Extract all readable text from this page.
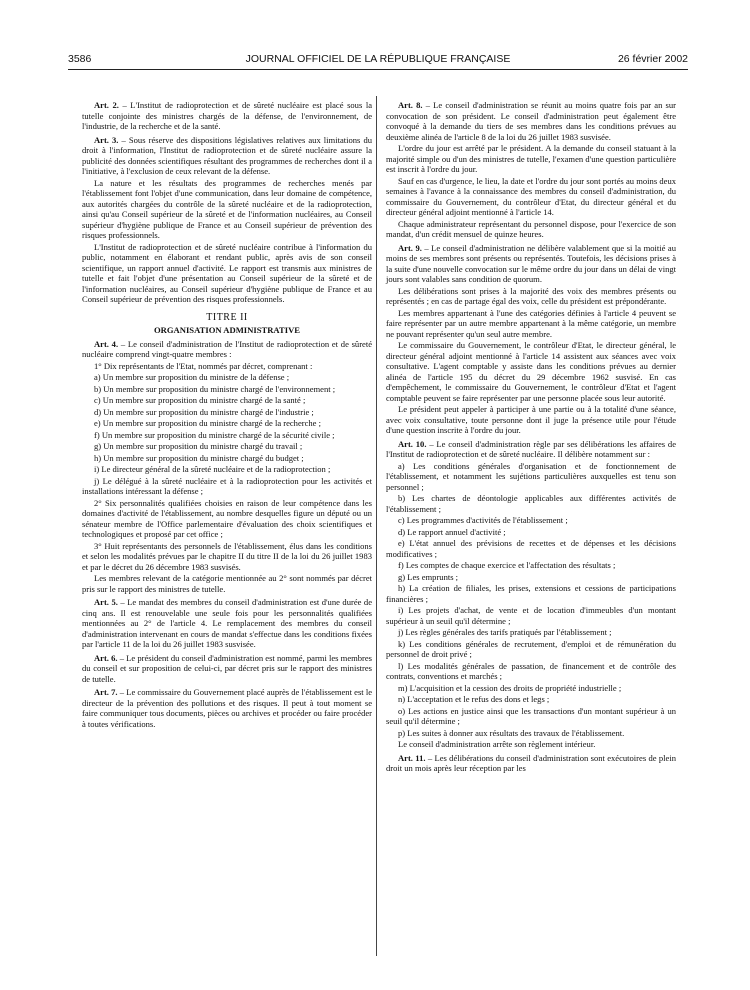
3586	JOURNAL OFFICIEL DE LA RÉPUBLIQUE FRANÇAISE	26 février 2002

Art. 2. – L'Institut de radioprotection et de sûreté nucléaire est placé sous la tutelle conjointe des ministres chargés de la défense, de l'environnement, de l'industrie, de la recherche et de la santé.

Art. 3. – Sous réserve des dispositions législatives relatives aux limitations du droit à l'information, l'Institut de radioprotection et de sûreté nucléaire assure la publicité des données scientifiques résultant des programmes de recherches dont il a l'initiative, à l'exclusion de ceux relevant de la défense.

La nature et les résultats des programmes de recherches menés par l'établissement font l'objet d'une communication, dans leur domaine de compétence, aux autorités chargées du contrôle de la sûreté nucléaire et de la radioprotection, ainsi qu'au Conseil supérieur de la sûreté et de l'information nucléaires, au Conseil supérieur d'hygiène publique de France et au Conseil supérieur de prévention des risques professionnels.

L'Institut de radioprotection et de sûreté nucléaire contribue à l'information du public, notamment en élaborant et rendant public, après avis de son conseil scientifique, un rapport annuel d'activité. Le rapport est transmis aux ministres de tutelle et fait l'objet d'une présentation au Conseil supérieur de la sûreté et de l'information nucléaires, au Conseil supérieur d'hygiène publique de France et au Conseil supérieur de prévention des risques professionnels.

TITRE II
ORGANISATION ADMINISTRATIVE

Art. 4. – Le conseil d'administration de l'Institut de radioprotection et de sûreté nucléaire comprend vingt-quatre membres :

1° Dix représentants de l'Etat, nommés par décret, comprenant :

a) Un membre sur proposition du ministre de la défense ;

b) Un membre sur proposition du ministre chargé de l'environnement ;

c) Un membre sur proposition du ministre chargé de la santé ;

d) Un membre sur proposition du ministre chargé de l'industrie ;

e) Un membre sur proposition du ministre chargé de la recherche ;

f) Un membre sur proposition du ministre chargé de la sécurité civile ;

g) Un membre sur proposition du ministre chargé du travail ;

h) Un membre sur proposition du ministre chargé du budget ;

i) Le directeur général de la sûreté nucléaire et de la radioprotection ;

j) Le délégué à la sûreté nucléaire et à la radioprotection pour les activités et installations intéressant la défense ;

2° Six personnalités qualifiées choisies en raison de leur compétence dans les domaines d'activité de l'établissement, au nombre desquelles figure un député ou un sénateur membre de l'Office parlementaire d'évaluation des choix scientifiques et technologiques et proposé par cet office ;

3° Huit représentants des personnels de l'établissement, élus dans les conditions et selon les modalités prévues par le chapitre II du titre II de la loi du 26 juillet 1983 et par le décret du 26 décembre 1983 susvisés.

Les membres relevant de la catégorie mentionnée au 2° sont nommés par décret pris sur le rapport des ministres de tutelle.

Art. 5. – Le mandat des membres du conseil d'administration est d'une durée de cinq ans. Il est renouvelable une seule fois pour les personnalités qualifiées mentionnées au 2° de l'article 4. Le remplacement des membres du conseil d'administration intervenant en cours de mandat s'effectue dans les conditions fixées par l'article 11 de la loi du 26 juillet 1983 susvisée.

Art. 6. – Le président du conseil d'administration est nommé, parmi les membres du conseil et sur proposition de celui-ci, par décret pris sur le rapport des ministres de tutelle.

Art. 7. – Le commissaire du Gouvernement placé auprès de l'établissement est le directeur de la prévention des pollutions et des risques. Il peut à tout moment se faire communiquer tous documents, pièces ou archives et procéder ou faire procéder à toutes vérifications.

Art. 8. – Le conseil d'administration se réunit au moins quatre fois par an sur convocation de son président. Le conseil d'administration peut également être convoqué à la demande du tiers de ses membres dans les conditions prévues au deuxième alinéa de l'article 8 de la loi du 26 juillet 1983 susvisée.

L'ordre du jour est arrêté par le président. A la demande du conseil statuant à la majorité simple ou d'un des ministres de tutelle, l'examen d'une question particulière est inscrit à l'ordre du jour.

Sauf en cas d'urgence, le lieu, la date et l'ordre du jour sont portés au moins deux semaines à l'avance à la connaissance des membres du conseil d'administration, du commissaire du Gouvernement, du contrôleur d'Etat, du directeur général et du directeur général adjoint mentionné à l'article 14.

Chaque administrateur représentant du personnel dispose, pour l'exercice de son mandat, d'un crédit mensuel de quinze heures.

Art. 9. – Le conseil d'administration ne délibère valablement que si la moitié au moins de ses membres sont présents ou représentés. Toutefois, les décisions prises à la suite d'une nouvelle convocation sur le même ordre du jour dans un délai de vingt jours sont valables sans condition de quorum.

Les délibérations sont prises à la majorité des voix des membres présents ou représentés ; en cas de partage égal des voix, celle du président est prépondérante.

Les membres appartenant à l'une des catégories définies à l'article 4 peuvent se faire représenter par un autre membre appartenant à la même catégorie, un membre ne pouvant représenter qu'un seul autre membre.

Le commissaire du Gouvernement, le contrôleur d'Etat, le directeur général, le directeur général adjoint mentionné à l'article 14 assistent aux séances avec voix consultative. L'agent comptable y assiste dans les conditions prévues au dernier alinéa de l'article 195 du décret du 29 décembre 1962 susvisé. En cas d'empêchement, le commissaire du Gouvernement, le contrôleur d'Etat et l'agent comptable peuvent se faire représenter par une personne placée sous leur autorité.

Le président peut appeler à participer à une partie ou à la totalité d'une séance, avec voix consultative, toute personne dont il juge la présence utile pour l'étude d'une question inscrite à l'ordre du jour.

Art. 10. – Le conseil d'administration règle par ses délibérations les affaires de l'Institut de radioprotection et de sûreté nucléaire. Il délibère notamment sur :

a) Les conditions générales d'organisation et de fonctionnement de l'établissement, et notamment les sujétions particulières auxquelles est tenu son personnel ;

b) Les chartes de déontologie applicables aux différentes activités de l'établissement ;

c) Les programmes d'activités de l'établissement ;

d) Le rapport annuel d'activité ;

e) L'état annuel des prévisions de recettes et de dépenses et les décisions modificatives ;

f) Les comptes de chaque exercice et l'affectation des résultats ;

g) Les emprunts ;

h) La création de filiales, les prises, extensions et cessions de participations financières ;

i) Les projets d'achat, de vente et de location d'immeubles d'un montant supérieur à un seuil qu'il détermine ;

j) Les règles générales des tarifs pratiqués par l'établissement ;

k) Les conditions générales de recrutement, d'emploi et de rémunération du personnel de droit privé ;

l) Les modalités générales de passation, de financement et de contrôle des contrats, conventions et marchés ;

m) L'acquisition et la cession des droits de propriété industrielle ;

n) L'acceptation et le refus des dons et legs ;

o) Les actions en justice ainsi que les transactions d'un montant supérieur à un seuil qu'il détermine ;

p) Les suites à donner aux résultats des travaux de l'établissement.

Le conseil d'administration arrête son règlement intérieur.

Art. 11. – Les délibérations du conseil d'administration sont exécutoires de plein droit un mois après leur réception par les
